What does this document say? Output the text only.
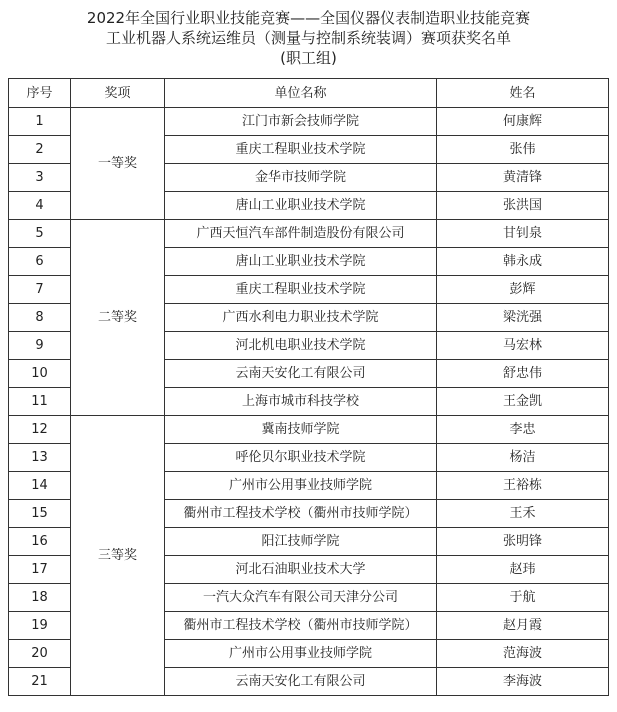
2022年全国行业职业技能竞赛——全国仪器仪表制造职业技能竞赛
工业机器人系统运维员（测量与控制系统装调）赛项获奖名单
(职工组)
序号	奖项	单位名称	姓名
1	一等奖	江门市新会技师学院	何康辉
2		重庆工程职业技术学院	张伟
3		金华市技师学院	黄清锋
4		唐山工业职业技术学院	张洪国
5	二等奖	广西天恒汽车部件制造股份有限公司	甘钊泉
6		唐山工业职业技术学院	韩永成
7		重庆工程职业技术学院	彭辉
8		广西水利电力职业技术学院	梁洸强
9		河北机电职业技术学院	马宏林
10		云南天安化工有限公司	舒忠伟
11		上海市城市科技学校	王金凯
12	三等奖	冀南技师学院	李忠
13		呼伦贝尔职业技术学院	杨洁
14		广州市公用事业技师学院	王裕栋
15		衢州市工程技术学校（衢州市技师学院）	王禾
16		阳江技师学院	张明锋
17		河北石油职业技术大学	赵玮
18		一汽大众汽车有限公司天津分公司	于航
19		衢州市工程技术学校（衢州市技师学院）	赵月霞
20		广州市公用事业技师学院	范海波
21		云南天安化工有限公司	李海波
